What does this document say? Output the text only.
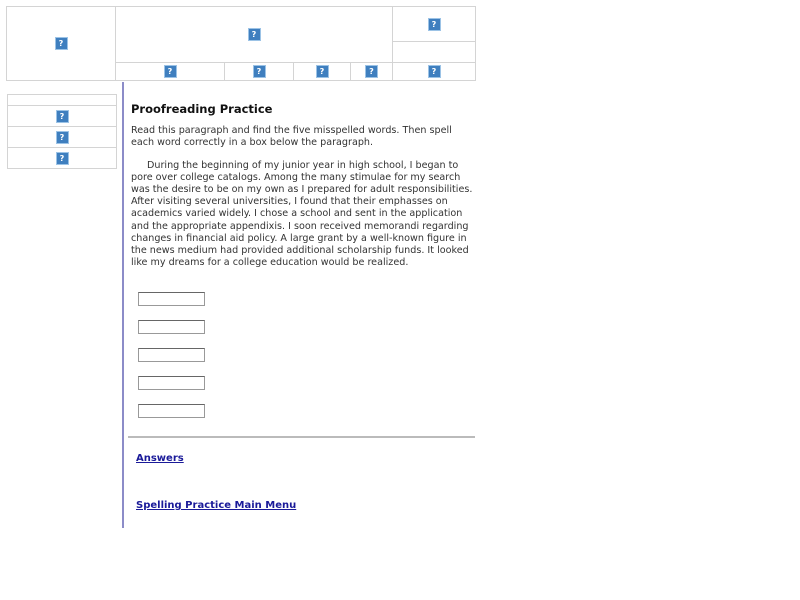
?
?
?
?	?	?	?	?
?
?
?
Proofreading Practice

Read this paragraph and find the five misspelled words. Then spell each word correctly in a box below the paragraph.

During the beginning of my junior year in high school, I began to pore over college catalogs. Among the many stimulae for my search was the desire to be on my own as I prepared for adult responsibilities. After visiting several universities, I found that their emphasses on academics varied widely. I chose a school and sent in the application and the appropriate appendixis. I soon received memorandi regarding changes in financial aid policy. A large grant by a well-known figure in the news medium had provided additional scholarship funds. It looked like my dreams for a college education would be realized.

Answers
Spelling Practice Main Menu
